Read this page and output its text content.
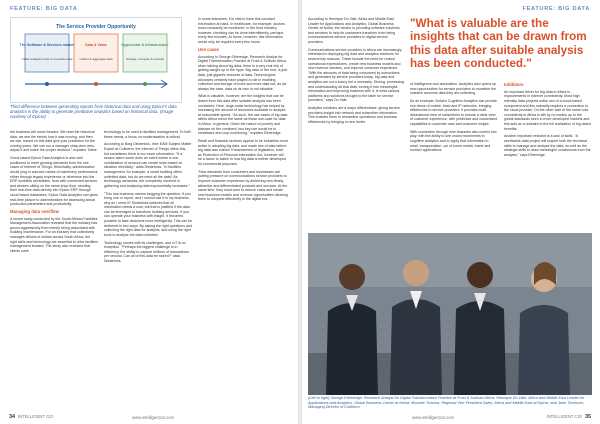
FEATURE: BIG DATA
The Service Provider Opportunity
The Software & Services market
Utilize analytics tools to monetize data
Data & Value
Collect & aggregate data
Hyperscale & Infrastructure
Storage, compute & network
Third difference between generating reports from historical data and using Epicor's data analytics is the ability to generate predictive analytics based on historical data. (Image courtesy of Epicor)

the business will move forward. We read the historical data, we see the trends how it was moving, and then we can, based on this data give your prediction for the coming years. We can run a manager chap-dem view, adjust it and make the proper decision," explains Totine.

Cloud-based Epicor Data Analytics is also well positioned to meet growing demands from the use cases of Internet of Things. Historically, administration would plug in sourced values of machinery performance either through legacy experience or otherwise into the ERP workflow worktables. Now with connected sensors and devices sitting on the same shop floor, sending their real-time data directly into Epicor ERP through cloud based databases, Epicor Data Analytics can gives real-time picture to administrators for assessing actual production parameters and productivity.

Managing data overflow

A recent study conducted by the South African Facilities Management Association revealed that the industry has grown aggressively from merely being associated with building maintenance. For an industry that collectively manages billions of dollars across South Africa, the right skills and technology are essential to drive facilities management forward. The study also revealed that clients want

technology to be used in facilities management. To fulfil these needs, a focus on modernisation is critical.

According to Borg Diedericks, Infor EAM Subject Matter Expert at Coltherm, the Internet of Things offers this, but sometimes there is too much information. "If a sensor alarm some does an event where a one-combination of sensors can create rules based on situation electricity," adds Diedericks. "In facilities management, for example, a smart building offers unlimited data, but do we need all the data? As technology advances, the complexity involved in gathering and analysing data exponentially increases."

"This has business owners begging the question: If you bring one or report, and I cannot use it in my business, why do I need it? Diedericks believes that all information needs a cost, but that is justified if the data can be leveraged to transform building services. If you can operate your business with insight, it becomes possible to take decisions more intelligently. This can be delivered in two ways. By asking the right questions and collecting the right data for analysis, and using the right tools to analyse the data collected.

Technology comes with its challenges, and IoT is no exception. "Perhaps the biggest challenge is in efficiency, the ability to capture millions of transactions per second. Can all of this data be stored?" asks Diedericks.

In some industries, it is vital to have this constant information at hand. In healthcare, for example, doctors must constantly be monitored. In the food industry, however, checking can be done intermittently, perhaps every few minutes. At home, however, this information would only be required every few hours.

Use cases

According to George Etheredge, Research Analyst for Digital Transformation Practice at Frost & Sullivan Africa, when talking about big data, there is a very real risk of getting caught up in the hype. Big data, in the end, is just data, just gigantic amounts of data. Technological advances certainly have played a role in enabling collection and storage of more and more data but, as we always the case, data on its own is not valuable.

What is valuable, however, are the insights that can be drawn from this data after suitable analysis has been conducted. Here, large-scale technology has helped by increasing the amount of resources available to analyse at reasonable speed. "As such, the use cases of big data within Africa mirror the same as those use-case for data in Africa. In general, Given the nature of poverty and disease on the continent, two key use would be in healthcare and crop monitoring," explains Etheredge.

Retail and financial services appear to be industries most active in adopting big data, and made use of data before big data was coined. Enhancement of legislation, such as Protection of Personal Information Act, however will be a factor to watch in how big data is further developed for commercial purposes.

"New demands from consumers and businesses are putting pressure on communications service providers to improve customer experience by delivering new timely, attractive and differentiated products and services. At the same time, they must work to reduce costs and create new business models and revenue opportunities allowing them to compete effectively in the digital era.

34 INTELLIGENT CIO	www.intelligentcio.com
FEATURE: BIG DATA

According to Henrique Do Vale, Africa and Middle East Leader for Applications and Analytics, Global Business Center at Nokia, the vendor is providing software solutions and services to help its customers transform from being communications service providers to digital service providers.

Communications service providers in Africa are increasingly interested in deploying big data and analytics solutions for several key reasons. These include the need for reduce operational expenditures, create new business models and new revenue streams, and improve customer experience. "With the amounts of data being consumed by subscribers and generated by service providers today, big data and analytics are not a luxury but a necessity. Storing, processing and understanding all that data, turning it into meaningful information and improving business with it, is what various platforms and solutions brought to the table for service providers," says Do Vale.

Analytics solutions are a major differentiator, giving service providers insight into network and subscriber information. This enables them to streamline operations and increase efficiencies by bringing in new levels

"What is valuable are the insights that can be drawn from this data after suitable analysis has been conducted."

of intelligence and automation. Analytics also opens up new opportunities for service providers to monetise the massive amounts data they are collecting.

As an example, Nokia's Cognitive Analytics can provide rich views of mobile, fixed and IP networks, bringing efficiencies to service providers. It provides multi-dimensional view of subscribers to ensure a clear view of customer experience, with predictive and customised capabilities in customer care and customer insight.

With connection through new channels also comes into play, with the ability to see crowd movements in cognitive analytics and to apply that information to retail, transportation, out of home media, travel and tourism applications.

Inhibitors

An important driver for big data in Africa is improvements in Internet connectivity. Most high intensity data projects make use of a cloud-based component and this naturally requires a connection to the cloud provider. On the other side of the same coin, connectivity in Africa is still by no means up to the global standards seen in more developed markets and this acts as a restraint to the full realisation of big data's benefits.

Another important restraint is a lack of skills. "A worthwhile data project will require both the technical skills to manage and analyse the data, as well as the strategic skills to draw meaningful conclusions from the analysis," says Etheredge.

(Left to right) George Etheredge, Research Analyst for Digital Transformation Practice at Frost & Sullivan Africa; Henrique Do Vale, Africa and Middle East Leader for Applications and Analytics, Global Business Center at Nokia; Moonee Tshoma, Regional Vice President Sales, Africa and Middle East at Epicor; and Jane Thomson, Managing Director of Coltherm.
www.intelligentcio.com	INTELLIGENT CIO 35
